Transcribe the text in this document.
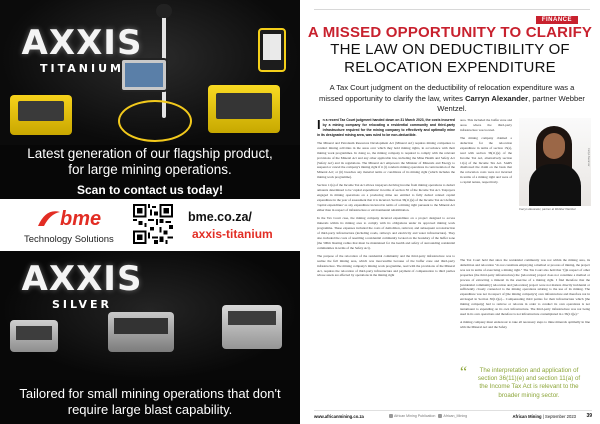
AXXIS
TITANIUM
Latest generation of our flagship product, for large mining operations.
Scan to contact us today!
bme
Technology Solutions
bme.co.za/
axxis-titanium
AXXIS
SILVER
Tailored for small mining operations that don't require large blast capability.
FINANCE
A MISSED OPPORTUNITY TO CLARIFY
THE LAW ON DEDUCTIBILITY OF
RELOCATION EXPENDITURE
A Tax Court judgment on the deductibility of relocation expenditure was a missed opportunity to clarify the law, writes Carryn Alexander, partner Webber Wentzel.

In a recent Tax Court judgment handed down on 31 March 2023, the costs incurred by a mining company for relocating a residential community and third-party infrastructure required for the mining company to effectively and optimally mine in its designated mining area, was ruled to be non-deductible.

The Mineral and Petroleum Resources Development Act (Mineral Act) requires mining companies to conduct mining activities in the areas over which they hold mining rights, in accordance with their mining work programmes. In doing so, the mining company is required to comply with the relevant provisions of the Mineral Act and any other applicable law, including the Mine Health and Safety Act (Safety Act) and its regulations. The Mineral Act empowers the Minister of Minerals and Energy to suspend or cancel the company's mining right if it (i) conducts mining operations in contravention of the Mineral Act; or (ii) breaches any material terms or conditions of its mining right (which includes the mining work programme).

Section 11(a) of the Income Tax Act allows taxpayers deriving income from mining operations to deduct amounts determined to be 'capital expenditure' in terms of section 36 of the Income Tax Act. Taxpayers engaged in mining operations on a producing mine are entitled to fully deduct related capital expenditure in the year of assessment that it is incurred. Section 36(11)(e) of the Income Tax Act defines 'capital expenditure' as any expenditure incurred in terms of a mining right pursuant to the Mineral Act either than in respect of infrastructure or environmental rehabilitation.

In the Tax Court case, the mining company incurred expenditure on a project designed to access minerals within its mining area to comply with its obligations under its approved mining work programme. These expenses included the costs of demolition, removal, and subsequent reconstruction of third-party infrastructure (including roads, railways and electricity and water infrastructure). They also included the costs of resettling a residential community located on the boundary of the buffer zone (the 500m blasting radius that must be maintained for the health and safety of surrounding residential communities in terms of the Safety Act).

The purpose of the relocation of the residential community and the third-party infrastructure was to realise the full mining area, which was inaccessible because of the buffer zone and third-party infrastructure. The mining company's mining work programme, read with the provisions of the Mineral Act, requires the relocation of third-party infrastructure and payment of compensation to third parties whose assets are affected by operations in the mining right

area. This included the buffer zone and areas where the third-party infrastructure was located.

The mining company claimed a deduction for the relocation expenditure in terms of section 15(a), read with section 36(11)(e) of the Income Tax Act, alternatively section 11(a) of the Income Tax Act. SARS disallowed the claim on the basis that the relocation costs were not incurred in terms of a mining right and were of a capital nature, respectively.

Carryn Alexander
Carryn Alexander, partner at Webber Wentzel.

The Tax Court held that since the residential community was not within the mining area, its demolition and relocation "do not constitute employing a method or process of mining, the project was not in terms of exercising a mining right." The Tax Court also held that "(i)n respect of other properties (the third-party infrastructure) the [relocation] project does not constitute a method or process of extracting a mineral in the exercise of a mining right. I find therefore that the [residential community] relocation and [relocation] project were not matters directly incidental or sufficiently closely connected to the mining operations relating to the use of its mining. The expenditure was not in respect of [the mining company's] own infrastructure and therefore not in envisaged in Section 36(11)(e)... Compensating third parties for their infrastructure which [the mining company] had to remove or relocate in order to conduct its own operations is not tantamount to expending on its own infrastructure. The third-party infrastructure was not being used in its own operations and therefore is not infrastructure contemplated in s 36(11)(e)."

A mining company must endeavour to take all necessary steps to mine minerals optimally in line with the Mineral Act and the Safety

“	The interpretation and application of section 36(11)(e) and section 11(a) of the Income Tax Act is relevant to the broader mining sector.
www.africanmining.co.za	African Mining Publication African_Mining	African Mining | September 2023 39
